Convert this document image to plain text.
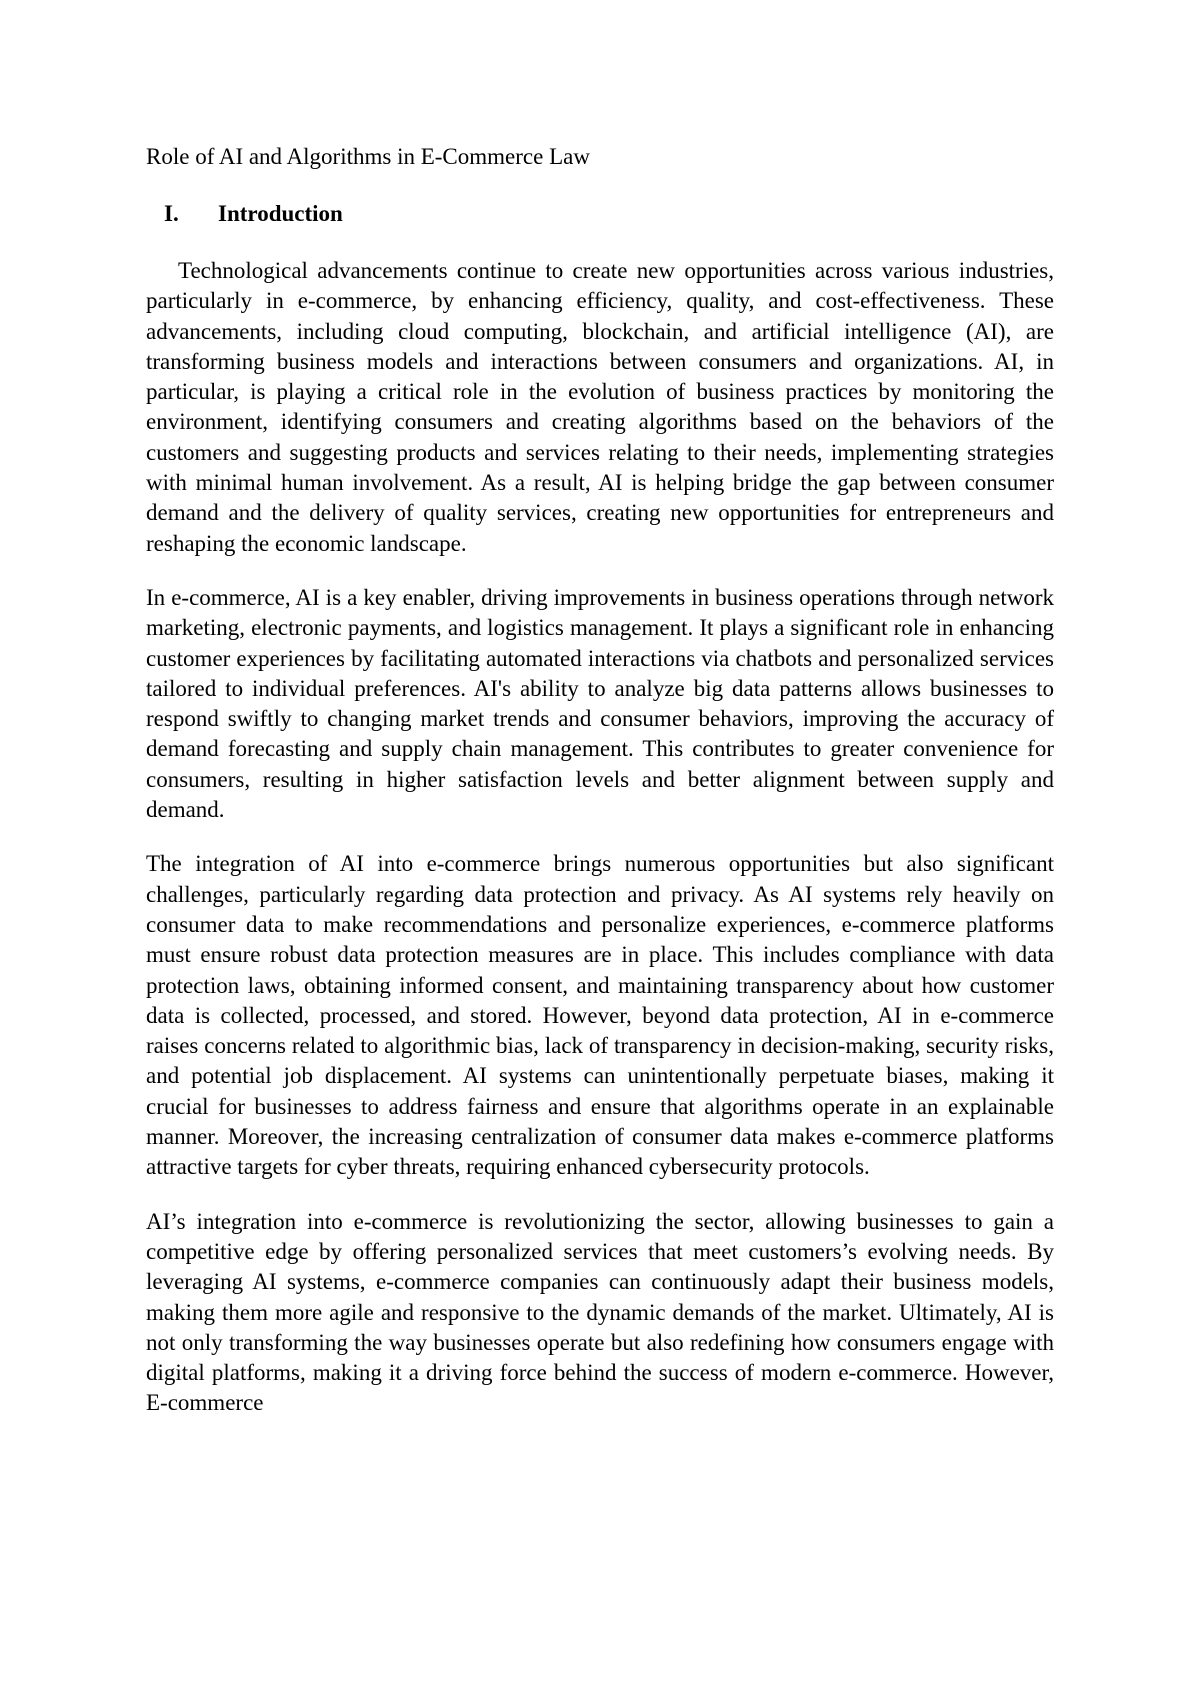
Role of AI and Algorithms in E-Commerce Law

I.	Introduction

Technological advancements continue to create new opportunities across various industries, particularly in e-commerce, by enhancing efficiency, quality, and cost-effectiveness. These advancements, including cloud computing, blockchain, and artificial intelligence (AI), are transforming business models and interactions between consumers and organizations. AI, in particular, is playing a critical role in the evolution of business practices by monitoring the environment, identifying consumers and creating algorithms based on the behaviors of the customers and suggesting products and services relating to their needs, implementing strategies with minimal human involvement. As a result, AI is helping bridge the gap between consumer demand and the delivery of quality services, creating new opportunities for entrepreneurs and reshaping the economic landscape.

In e-commerce, AI is a key enabler, driving improvements in business operations through network marketing, electronic payments, and logistics management. It plays a significant role in enhancing customer experiences by facilitating automated interactions via chatbots and personalized services tailored to individual preferences. AI's ability to analyze big data patterns allows businesses to respond swiftly to changing market trends and consumer behaviors, improving the accuracy of demand forecasting and supply chain management. This contributes to greater convenience for consumers, resulting in higher satisfaction levels and better alignment between supply and demand.

The integration of AI into e-commerce brings numerous opportunities but also significant challenges, particularly regarding data protection and privacy. As AI systems rely heavily on consumer data to make recommendations and personalize experiences, e-commerce platforms must ensure robust data protection measures are in place. This includes compliance with data protection laws, obtaining informed consent, and maintaining transparency about how customer data is collected, processed, and stored. However, beyond data protection, AI in e-commerce raises concerns related to algorithmic bias, lack of transparency in decision-making, security risks, and potential job displacement. AI systems can unintentionally perpetuate biases, making it crucial for businesses to address fairness and ensure that algorithms operate in an explainable manner. Moreover, the increasing centralization of consumer data makes e-commerce platforms attractive targets for cyber threats, requiring enhanced cybersecurity protocols.

AI’s integration into e-commerce is revolutionizing the sector, allowing businesses to gain a competitive edge by offering personalized services that meet customers’s evolving needs. By leveraging AI systems, e-commerce companies can continuously adapt their business models, making them more agile and responsive to the dynamic demands of the market. Ultimately, AI is not only transforming the way businesses operate but also redefining how consumers engage with digital platforms, making it a driving force behind the success of modern e-commerce. However, E-commerce
